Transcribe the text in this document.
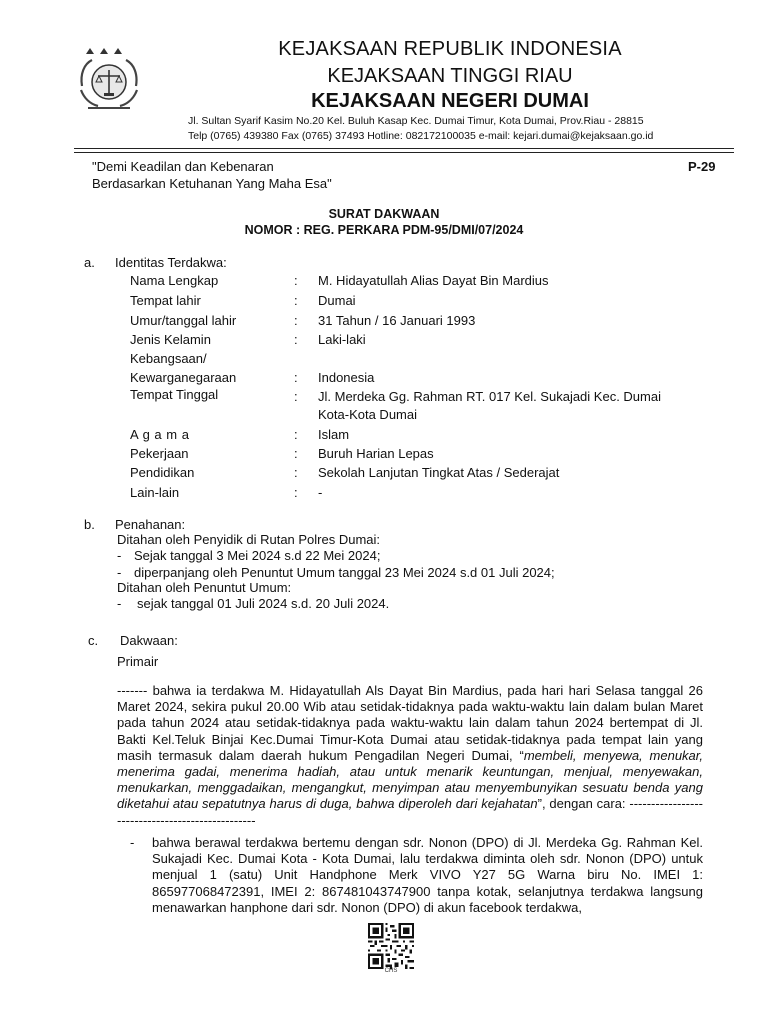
KEJAKSAAN REPUBLIK INDONESIA
KEJAKSAAN TINGGI RIAU
KEJAKSAAN NEGERI DUMAI
Jl. Sultan Syarif Kasim No.20 Kel. Buluh Kasap Kec. Dumai Timur, Kota Dumai, Prov.Riau - 28815
Telp (0765) 439380 Fax (0765) 37493 Hotline: 082172100035 e-mail: kejari.dumai@kejaksaan.go.id
"Demi Keadilan dan Kebenaran
Berdasarkan Ketuhanan Yang Maha Esa"
P-29
SURAT DAKWAAN
NOMOR : REG. PERKARA PDM-95/DMI/07/2024
a. Identitas Terdakwa:
Nama Lengkap	: M. Hidayatullah Alias Dayat Bin Mardius
Tempat lahir	: Dumai
Umur/tanggal lahir	: 31 Tahun / 16 Januari 1993
Jenis Kelamin	: Laki-laki
Kebangsaan/
Kewarganegaraan	: Indonesia
Tempat Tinggal	: Jl. Merdeka Gg. Rahman RT. 017 Kel. Sukajadi Kec. Dumai
Kota-Kota Dumai
A g a m a	: Islam
Pekerjaan	: Buruh Harian Lepas
Pendidikan	: Sekolah Lanjutan Tingkat Atas / Sederajat
Lain-lain	: -
b. Penahanan:
Ditahan oleh Penyidik di Rutan Polres Dumai:
- Sejak tanggal 3 Mei 2024 s.d 22 Mei 2024;
- diperpanjang oleh Penuntut Umum tanggal 23 Mei 2024 s.d 01 Juli 2024;
Ditahan oleh Penuntut Umum:
- sejak tanggal 01 Juli 2024 s.d. 20 Juli 2024.
c. Dakwaan:
Primair
------- bahwa ia terdakwa M. Hidayatullah Als Dayat Bin Mardius, pada hari hari Selasa tanggal 26 Maret 2024, sekira pukul 20.00 Wib atau setidak-tidaknya pada waktu-waktu lain dalam bulan Maret pada tahun 2024 atau setidak-tidaknya pada waktu-waktu lain dalam tahun 2024 bertempat di Jl. Bakti Kel.Teluk Binjai Kec.Dumai Timur-Kota Dumai atau setidak-tidaknya pada tempat lain yang masih termasuk dalam daerah hukum Pengadilan Negeri Dumai, “membeli, menyewa, menukar, menerima gadai, menerima hadiah, atau untuk menarik keuntungan, menjual, menyewakan, menukarkan, menggadaikan, mengangkut, menyimpan atau menyembunyikan sesuatu benda yang diketahui atau sepatutnya harus di duga, bahwa diperoleh dari kejahatan”, dengan cara: -------------------------------------------------
- bahwa berawal terdakwa bertemu dengan sdr. Nonon (DPO) di Jl. Merdeka Gg. Rahman Kel. Sukajadi Kec. Dumai Kota - Kota Dumai, lalu terdakwa diminta oleh sdr. Nonon (DPO) untuk menjual 1 (satu) Unit Handphone Merk VIVO Y27 5G Warna biru No. IMEI 1: 865977068472391, IMEI 2: 867481043747900 tanpa kotak, selanjutnya terdakwa langsung menawarkan hanphone dari sdr. Nonon (DPO) di akun facebook terdakwa,
CHS
